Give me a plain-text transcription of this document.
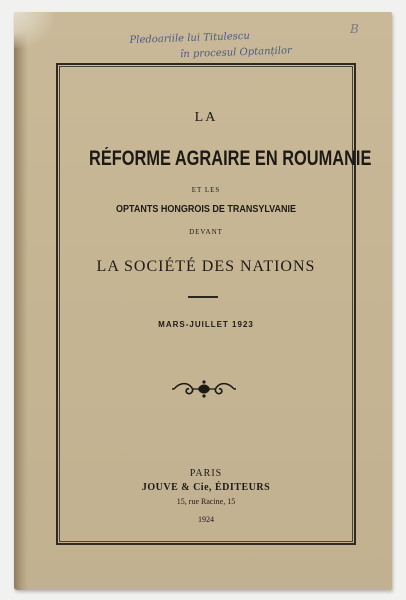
Pledoariile lui Titulescu
în procesul Optanților
B
LA
RÉFORME AGRAIRE EN ROUMANIE
ET LES
OPTANTS HONGROIS DE TRANSYLVANIE
DEVANT
LA SOCIÉTÉ DES NATIONS
MARS-JUILLET 1923
PARIS
JOUVE & Cie, ÉDITEURS
15, rue Racine, 15
1924
